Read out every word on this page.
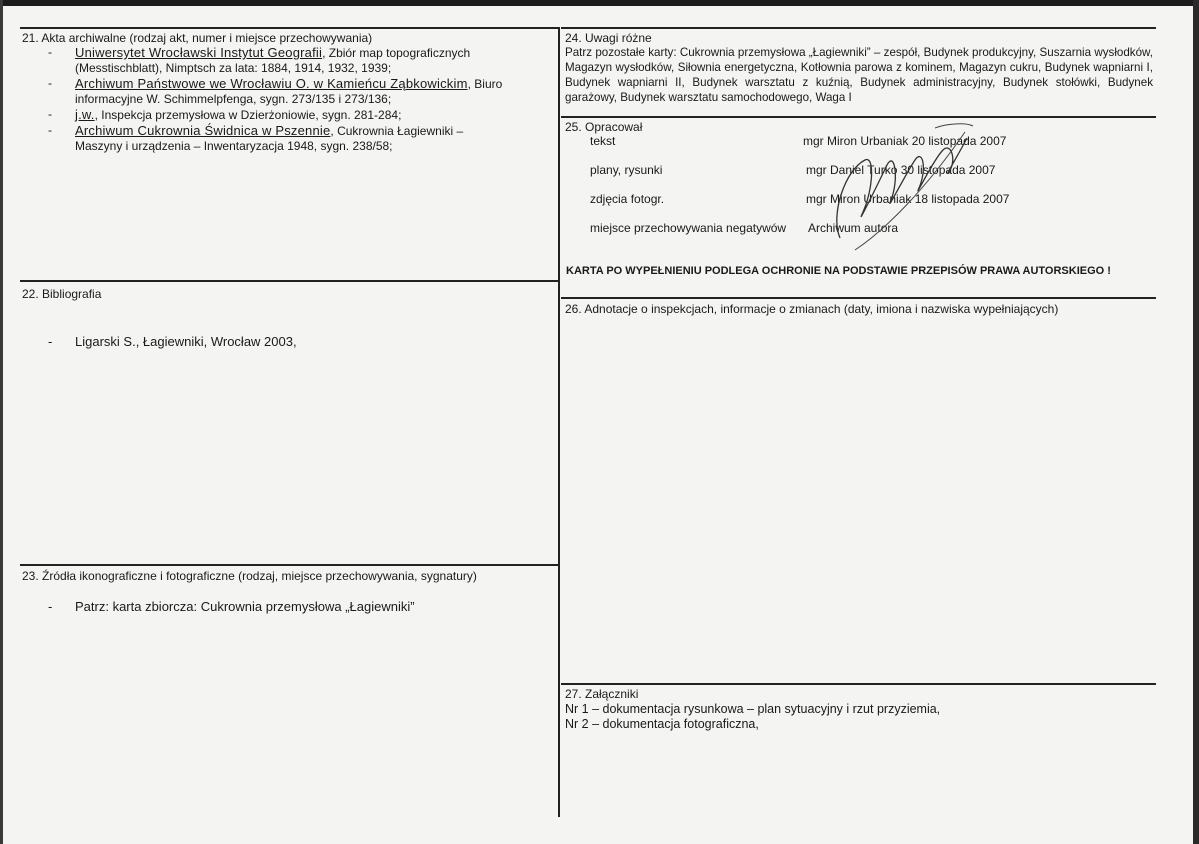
21. Akta archiwalne (rodzaj akt, numer i miejsce przechowywania)
- Uniwersytet Wrocławski Instytut Geografii, Zbiór map topograficznych
(Messtischblatt), Nimptsch za lata: 1884, 1914, 1932, 1939;
- Archiwum Państwowe we Wrocławiu O. w Kamieńcu Ząbkowickim, Biuro
informacyjne W. Schimmelpfenga, sygn. 273/135 i 273/136;
- j.w., Inspekcja przemysłowa w Dzierżoniowie, sygn. 281-284;
- Archiwum Cukrownia Świdnica w Pszennie, Cukrownia Łagiewniki –
Maszyny i urządzenia – Inwentaryzacja 1948, sygn. 238/58;
22. Bibliografia
- Ligarski S., Łagiewniki, Wrocław 2003,
23. Źródła ikonograficzne i fotograficzne (rodzaj, miejsce przechowywania, sygnatury)
- Patrz: karta zbiorcza: Cukrownia przemysłowa „Łagiewniki”
24. Uwagi różne
Patrz pozostałe karty: Cukrownia przemysłowa „Łagiewniki” – zespół, Budynek produkcyjny, Suszarnia wysłodków, Magazyn wysłodków, Siłownia energetyczna, Kotłownia parowa z kominem, Magazyn cukru, Budynek wapniarni I, Budynek wapniarni II, Budynek warsztatu z kuźnią, Budynek administracyjny, Budynek stołówki, Budynek garażowy, Budynek warsztatu samochodowego, Waga I
25. Opracował
tekst	mgr Miron Urbaniak 20 listopada 2007
plany, rysunki	mgr Daniel Turko 30 listopada 2007
zdjęcia fotogr.	mgr Miron Urbaniak 18 listopada 2007
miejsce przechowywania negatywów Archiwum autora
KARTA PO WYPEŁNIENIU PODLEGA OCHRONIE NA PODSTAWIE PRZEPISÓW PRAWA AUTORSKIEGO !
26. Adnotacje o inspekcjach, informacje o zmianach (daty, imiona i nazwiska wypełniających)
27. Załączniki
Nr 1 – dokumentacja rysunkowa – plan sytuacyjny i rzut przyziemia,
Nr 2 – dokumentacja fotograficzna,
